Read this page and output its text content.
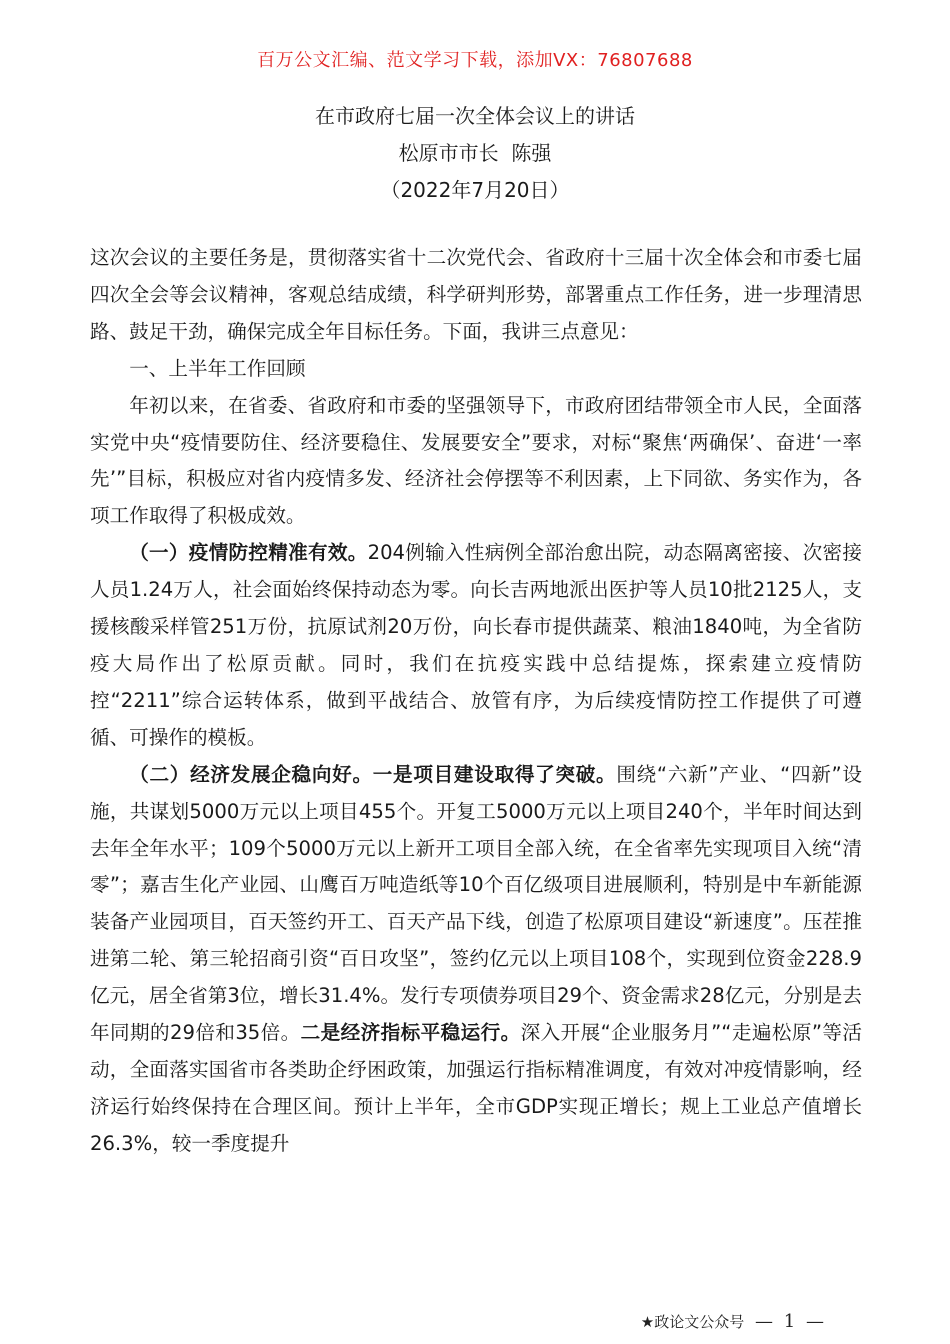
百万公文汇编、范文学习下载，添加VX：76807688
在市政府七届一次全体会议上的讲话
松原市市长  陈强
（2022年7月20日）

这次会议的主要任务是，贯彻落实省十二次党代会、省政府十三届十次全体会和市委七届四次全会等会议精神，客观总结成绩，科学研判形势，部署重点工作任务，进一步理清思路、鼓足干劲，确保完成全年目标任务。下面，我讲三点意见：

一、上半年工作回顾

年初以来，在省委、省政府和市委的坚强领导下，市政府团结带领全市人民，全面落实党中央“疫情要防住、经济要稳住、发展要安全”要求，对标“聚焦‘两确保’、奋进‘一率先’”目标，积极应对省内疫情多发、经济社会停摆等不利因素，上下同欲、务实作为，各项工作取得了积极成效。

（一）疫情防控精准有效。204例输入性病例全部治愈出院，动态隔离密接、次密接人员1.24万人，社会面始终保持动态为零。向长吉两地派出医护等人员10批2125人，支援核酸采样管251万份，抗原试剂20万份，向长春市提供蔬菜、粮油1840吨，为全省防疫大局作出了松原贡献。同时，我们在抗疫实践中总结提炼，探索建立疫情防控“2211”综合运转体系，做到平战结合、放管有序，为后续疫情防控工作提供了可遵循、可操作的模板。

（二）经济发展企稳向好。一是项目建设取得了突破。围绕“六新”产业、“四新”设施，共谋划5000万元以上项目455个。开复工5000万元以上项目240个，半年时间达到去年全年水平；109个5000万元以上新开工项目全部入统，在全省率先实现项目入统“清零”；嘉吉生化产业园、山鹰百万吨造纸等10个百亿级项目进展顺利，特别是中车新能源装备产业园项目，百天签约开工、百天产品下线，创造了松原项目建设“新速度”。压茬推进第二轮、第三轮招商引资“百日攻坚”，签约亿元以上项目108个，实现到位资金228.9亿元，居全省第3位，增长31.4%。发行专项债券项目29个、资金需求28亿元，分别是去年同期的29倍和35倍。二是经济指标平稳运行。深入开展“企业服务月”“走遍松原”等活动，全面落实国省市各类助企纾困政策，加强运行指标精准调度，有效对冲疫情影响，经济运行始终保持在合理区间。预计上半年，全市GDP实现正增长；规上工业总产值增长26.3%，较一季度提升

★政论文公众号 — 1 —
